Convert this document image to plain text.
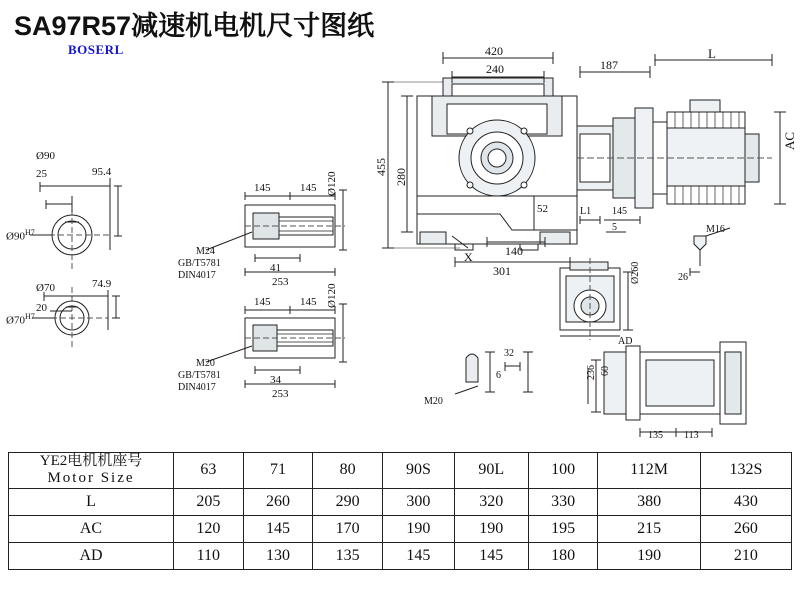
SA97R57减速机电机尺寸图纸
BOSERL
Ø90
25	95.4
$Ø90^{H7}$
Ø70
20
74.9
$Ø70^{H7}$
145	145 Ø120
41
253
M24
GB/T5781
DIN4017
145	145 Ø120
34
253
M20
GB/T5781
DIN4017
420
240	187
L
AC
455
280
52
140
301
X
L1 145
5	M16
26
Ø260
AD
32
6
M20
236 60
135 113
YE2电机机座号
Motor Size	63	71	80	90S	90L	100	112M	132S
L	205	260	290	300	320	330	380	430
AC	120	145	170	190	190	195	215	260
AD	110	130	135	145	145	180	190	210
